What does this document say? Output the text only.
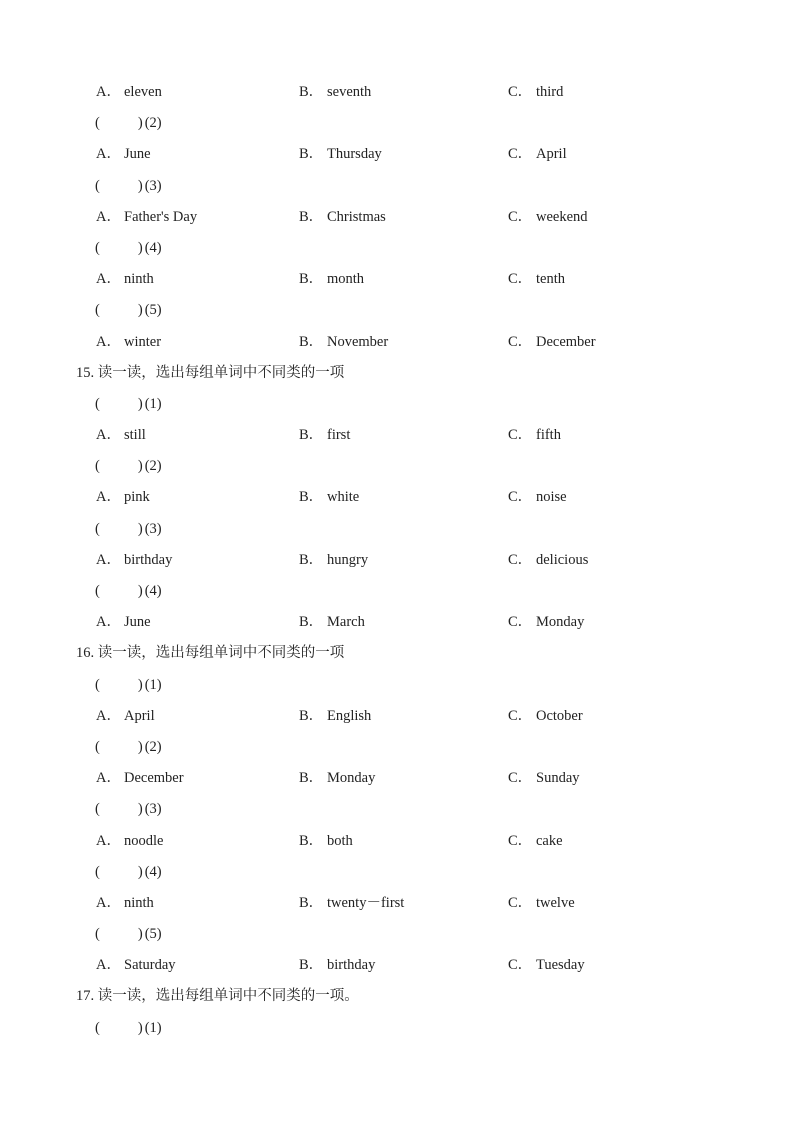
A． eleven	B． seventh	C． third
(	) (2)
A． June	B． Thursday	C． April
(	) (3)
A． Father's Day	B． Christmas	C． weekend
(	) (4)
A． ninth	B． month	C． tenth
(	) (5)
A． winter	B． November	C． December
15. 读一读，选出每组单词中不同类的一项
(	) (1)
A． still	B． first	C． fifth
(	) (2)
A． pink	B． white	C． noise
(	) (3)
A． birthday	B． hungry	C． delicious
(	) (4)
A． June	B． March	C． Monday
16. 读一读，选出每组单词中不同类的一项
(	) (1)
A． April	B． English	C． October
(	) (2)
A． December	B． Monday	C． Sunday
(	) (3)
A． noodle	B． both	C． cake
(	) (4)
A． ninth	B． twenty－first	C． twelve
(	) (5)
A． Saturday	B． birthday	C． Tuesday
17. 读一读，选出每组单词中不同类的一项。
(	) (1)
